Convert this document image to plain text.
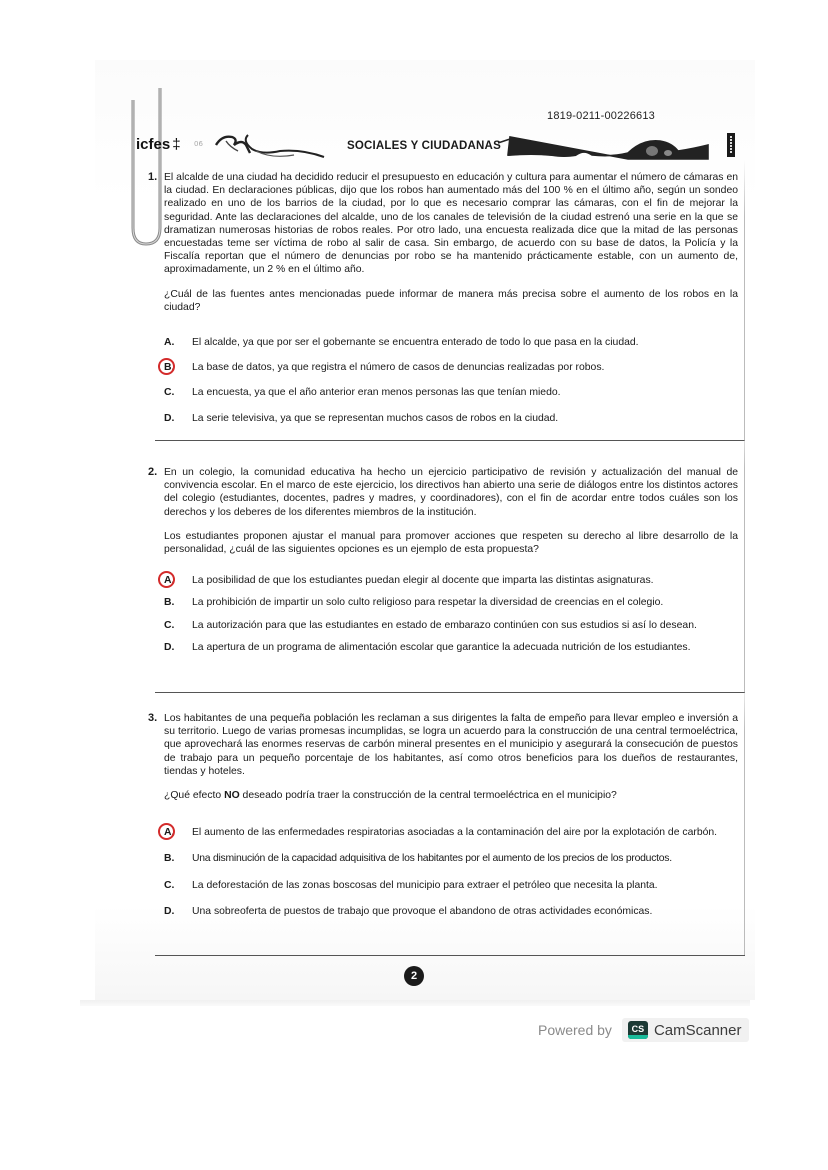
1819-0211-00226613
icfes ‡ 06	SOCIALES Y CIUDADANAS
1. El alcalde de una ciudad ha decidido reducir el presupuesto en educación y cultura para aumentar el número de cámaras en la ciudad. En declaraciones públicas, dijo que los robos han aumentado más del 100 % en el último año, según un sondeo realizado en uno de los barrios de la ciudad, por lo que es necesario comprar las cámaras, con el fin de mejorar la seguridad. Ante las declaraciones del alcalde, uno de los canales de televisión de la ciudad estrenó una serie en la que se dramatizan numerosas historias de robos reales. Por otro lado, una encuesta realizada dice que la mitad de las personas encuestadas teme ser víctima de robo al salir de casa. Sin embargo, de acuerdo con su base de datos, la Policía y la Fiscalía reportan que el número de denuncias por robo se ha mantenido prácticamente estable, con un aumento de, aproximadamente, un 2 % en el último año.
¿Cuál de las fuentes antes mencionadas puede informar de manera más precisa sobre el aumento de los robos en la ciudad?
A.	El alcalde, ya que por ser el gobernante se encuentra enterado de todo lo que pasa en la ciudad.
B.	La base de datos, ya que registra el número de casos de denuncias realizadas por robos.
C.	La encuesta, ya que el año anterior eran menos personas las que tenían miedo.
D.	La serie televisiva, ya que se representan muchos casos de robos en la ciudad.
2. En un colegio, la comunidad educativa ha hecho un ejercicio participativo de revisión y actualización del manual de convivencia escolar. En el marco de este ejercicio, los directivos han abierto una serie de diálogos entre los distintos actores del colegio (estudiantes, docentes, padres y madres, y coordinadores), con el fin de acordar entre todos cuáles son los derechos y los deberes de los diferentes miembros de la institución.
Los estudiantes proponen ajustar el manual para promover acciones que respeten su derecho al libre desarrollo de la personalidad, ¿cuál de las siguientes opciones es un ejemplo de esta propuesta?
A.	La posibilidad de que los estudiantes puedan elegir al docente que imparta las distintas asignaturas.
B.	La prohibición de impartir un solo culto religioso para respetar la diversidad de creencias en el colegio.
C.	La autorización para que las estudiantes en estado de embarazo continúen con sus estudios si así lo desean.
D.	La apertura de un programa de alimentación escolar que garantice la adecuada nutrición de los estudiantes.
3. Los habitantes de una pequeña población les reclaman a sus dirigentes la falta de empeño para llevar empleo e inversión a su territorio. Luego de varias promesas incumplidas, se logra un acuerdo para la construcción de una central termoeléctrica, que aprovechará las enormes reservas de carbón mineral presentes en el municipio y asegurará la consecución de puestos de trabajo para un pequeño porcentaje de los habitantes, así como otros beneficios para los dueños de restaurantes, tiendas y hoteles.
¿Qué efecto NO deseado podría traer la construcción de la central termoeléctrica en el municipio?
A.	El aumento de las enfermedades respiratorias asociadas a la contaminación del aire por la explotación de carbón.
B.	Una disminución de la capacidad adquisitiva de los habitantes por el aumento de los precios de los productos.
C.	La deforestación de las zonas boscosas del municipio para extraer el petróleo que necesita la planta.
D.	Una sobreoferta de puestos de trabajo que provoque el abandono de otras actividades económicas.
2
Powered by	CS CamScanner
